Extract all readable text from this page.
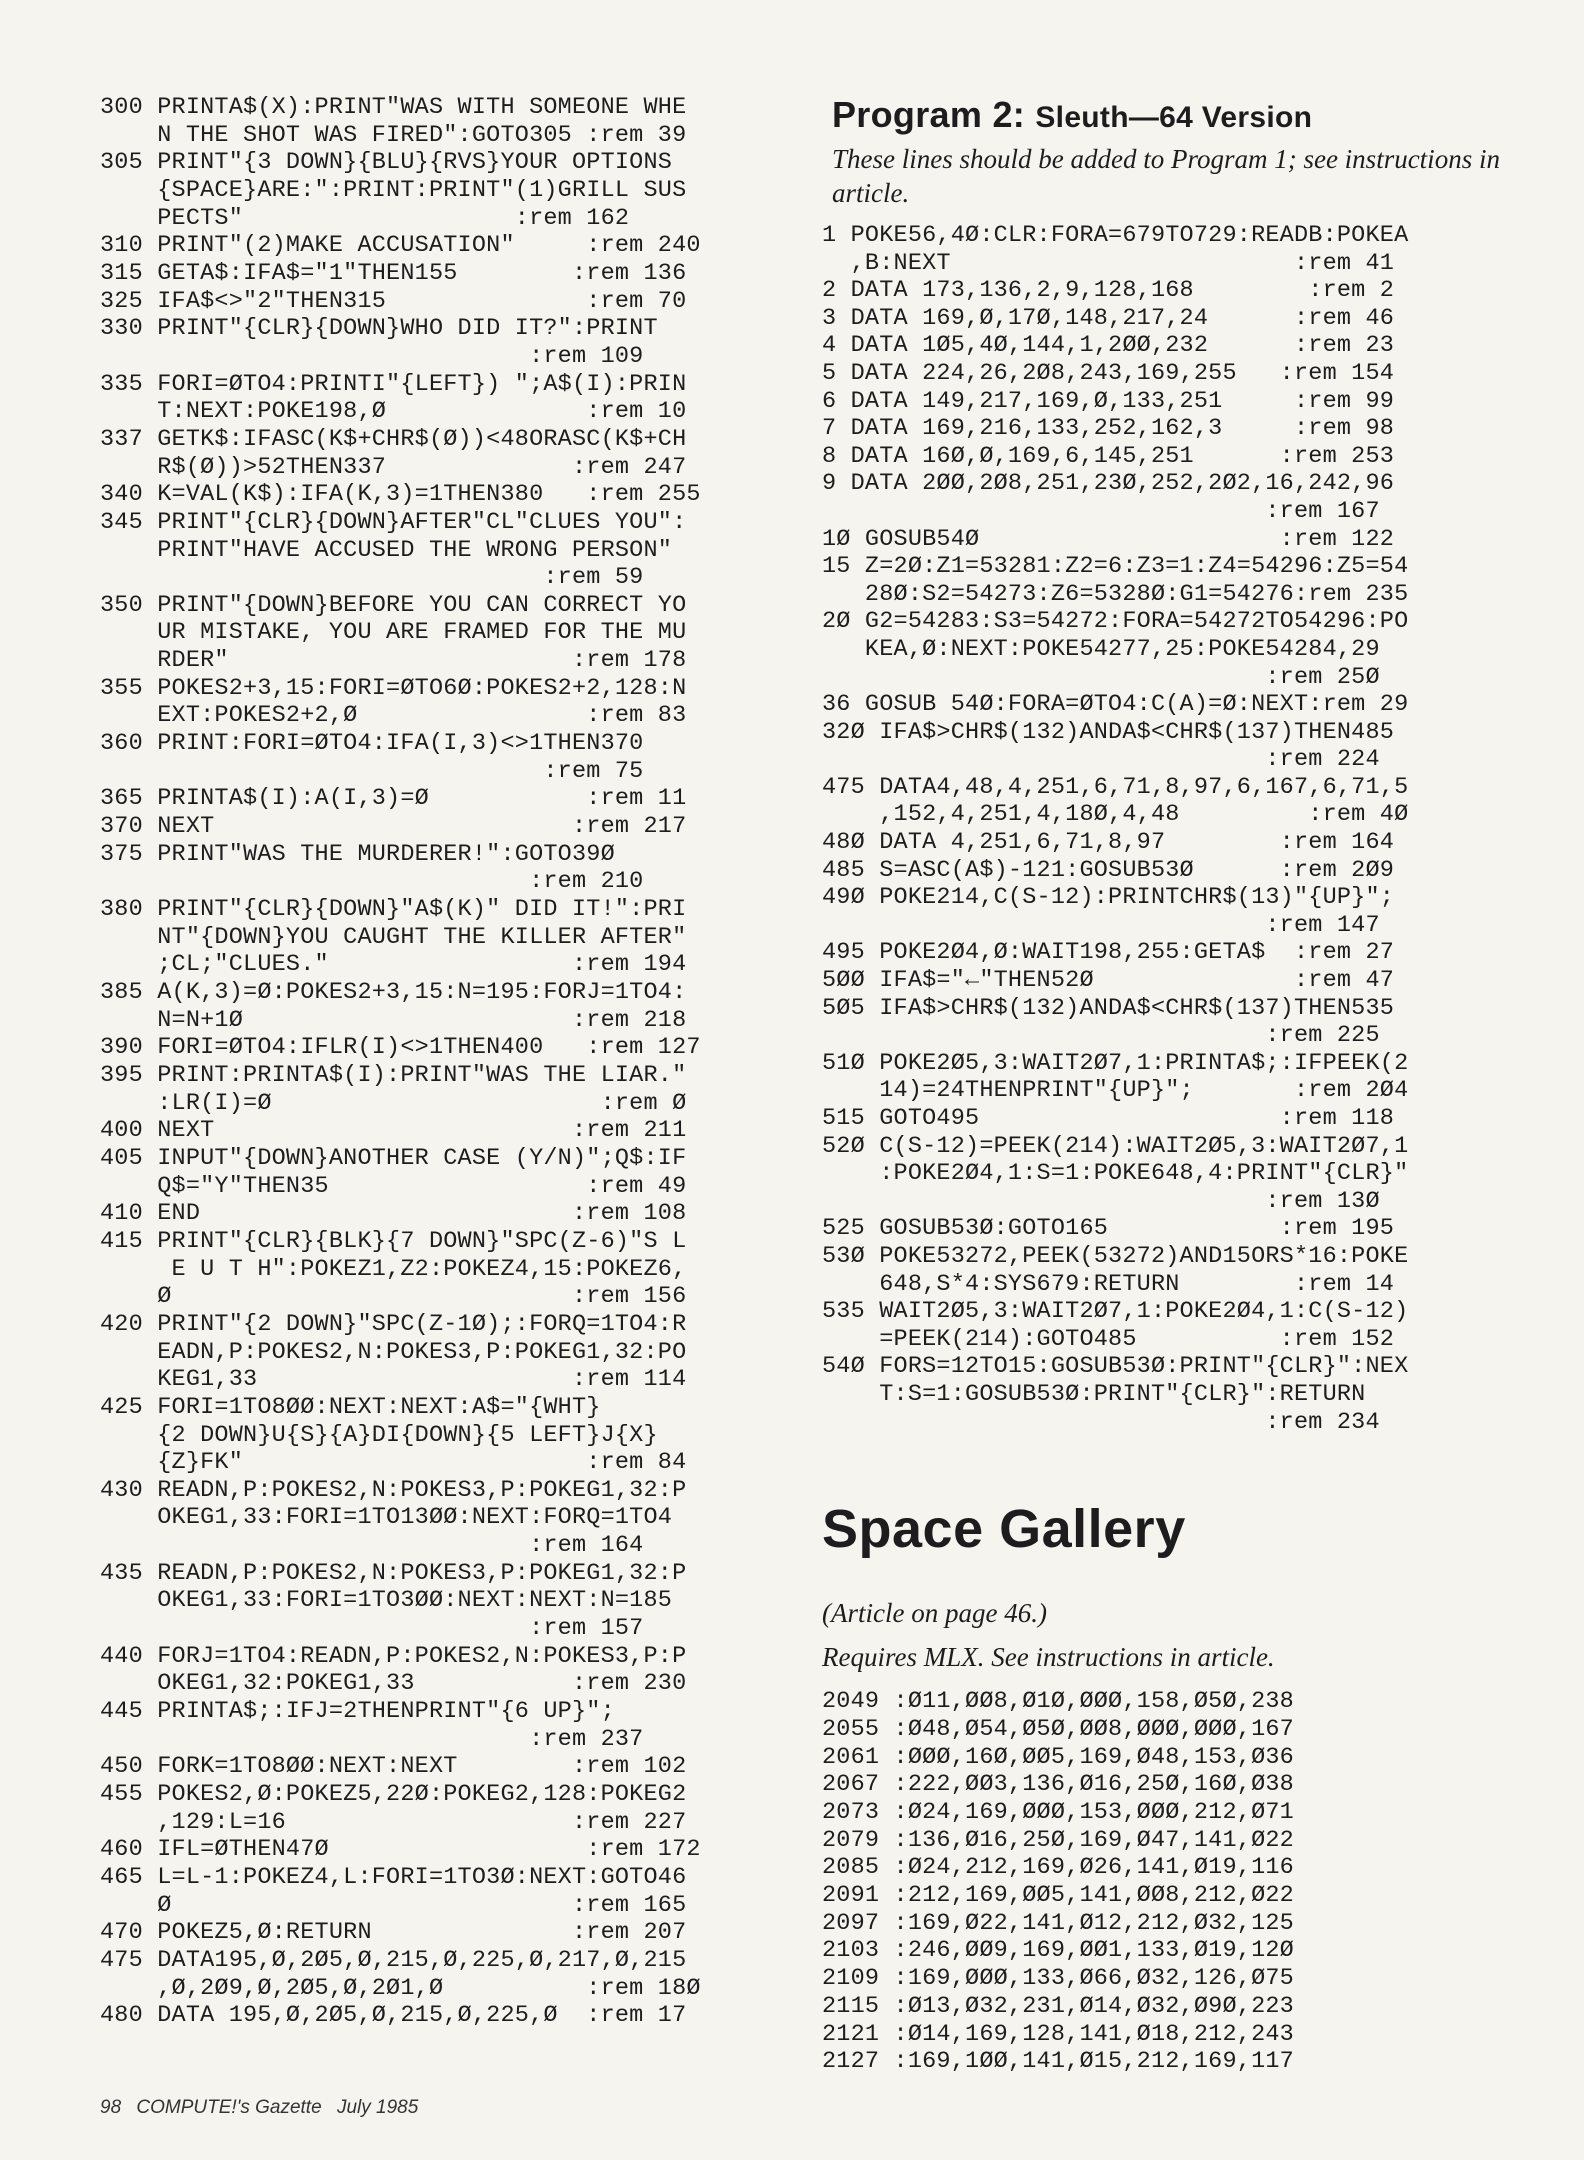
300 PRINTA$(X):PRINT"WAS WITH SOMEONE WHE
N THE SHOT WAS FIRED":GOTO305 :rem 39
305 PRINT"{3 DOWN}{BLU}{RVS}YOUR OPTIONS
{SPACE}ARE:":PRINT:PRINT"(1)GRILL SUS
PECTS"                   :rem 162
310 PRINT"(2)MAKE ACCUSATION"     :rem 240
315 GETA$:IFA$="1"THEN155        :rem 136
325 IFA$<>"2"THEN315              :rem 70
330 PRINT"{CLR}{DOWN}WHO DID IT?":PRINT
:rem 109
335 FORI=ØTO4:PRINTI"{LEFT}) ";A$(I):PRIN
T:NEXT:POKE198,Ø              :rem 10
337 GETK$:IFASC(K$+CHR$(Ø))<48ORASC(K$+CH
R$(Ø))>52THEN337             :rem 247
340 K=VAL(K$):IFA(K,3)=1THEN380   :rem 255
345 PRINT"{CLR}{DOWN}AFTER"CL"CLUES YOU":
PRINT"HAVE ACCUSED THE WRONG PERSON"
:rem 59
350 PRINT"{DOWN}BEFORE YOU CAN CORRECT YO
UR MISTAKE, YOU ARE FRAMED FOR THE MU
RDER"                        :rem 178
355 POKES2+3,15:FORI=ØTO6Ø:POKES2+2,128:N
EXT:POKES2+2,Ø                :rem 83
360 PRINT:FORI=ØTO4:IFA(I,3)<>1THEN370
:rem 75
365 PRINTA$(I):A(I,3)=Ø           :rem 11
370 NEXT                         :rem 217
375 PRINT"WAS THE MURDERER!":GOTO39Ø
:rem 210
380 PRINT"{CLR}{DOWN}"A$(K)" DID IT!":PRI
NT"{DOWN}YOU CAUGHT THE KILLER AFTER"
;CL;"CLUES."                 :rem 194
385 A(K,3)=Ø:POKES2+3,15:N=195:FORJ=1TO4:
N=N+1Ø                       :rem 218
390 FORI=ØTO4:IFLR(I)<>1THEN400   :rem 127
395 PRINT:PRINTA$(I):PRINT"WAS THE LIAR."
:LR(I)=Ø                       :rem Ø
400 NEXT                         :rem 211
405 INPUT"{DOWN}ANOTHER CASE (Y/N)";Q$:IF
Q$="Y"THEN35                  :rem 49
410 END                          :rem 108
415 PRINT"{CLR}{BLK}{7 DOWN}"SPC(Z-6)"S L
E U T H":POKEZ1,Z2:POKEZ4,15:POKEZ6,
Ø                            :rem 156
420 PRINT"{2 DOWN}"SPC(Z-1Ø);:FORQ=1TO4:R
EADN,P:POKES2,N:POKES3,P:POKEG1,32:PO
KEG1,33                      :rem 114
425 FORI=1TO8ØØ:NEXT:NEXT:A$="{WHT}
{2 DOWN}U{S}{A}DI{DOWN}{5 LEFT}J{X}
{Z}FK"                        :rem 84
430 READN,P:POKES2,N:POKES3,P:POKEG1,32:P
OKEG1,33:FORI=1TO13ØØ:NEXT:FORQ=1TO4
:rem 164
435 READN,P:POKES2,N:POKES3,P:POKEG1,32:P
OKEG1,33:FORI=1TO3ØØ:NEXT:NEXT:N=185
:rem 157
440 FORJ=1TO4:READN,P:POKES2,N:POKES3,P:P
OKEG1,32:POKEG1,33           :rem 230
445 PRINTA$;:IFJ=2THENPRINT"{6 UP}";
:rem 237
450 FORK=1TO8ØØ:NEXT:NEXT        :rem 102
455 POKES2,Ø:POKEZ5,22Ø:POKEG2,128:POKEG2
,129:L=16                    :rem 227
460 IFL=ØTHEN47Ø                  :rem 172
465 L=L-1:POKEZ4,L:FORI=1TO3Ø:NEXT:GOTO46
Ø                            :rem 165
470 POKEZ5,Ø:RETURN              :rem 207
475 DATA195,Ø,2Ø5,Ø,215,Ø,225,Ø,217,Ø,215
,Ø,2Ø9,Ø,2Ø5,Ø,2Ø1,Ø          :rem 18Ø
480 DATA 195,Ø,2Ø5,Ø,215,Ø,225,Ø  :rem 17
Program 2: Sleuth—64 Version
These lines should be added to Program 1; see instructions in article.
1 POKE56,4Ø:CLR:FORA=679TO729:READB:POKEA
,B:NEXT                        :rem 41
2 DATA 173,136,2,9,128,168        :rem 2
3 DATA 169,Ø,17Ø,148,217,24      :rem 46
4 DATA 1Ø5,4Ø,144,1,2ØØ,232      :rem 23
5 DATA 224,26,2Ø8,243,169,255   :rem 154
6 DATA 149,217,169,Ø,133,251     :rem 99
7 DATA 169,216,133,252,162,3     :rem 98
8 DATA 16Ø,Ø,169,6,145,251      :rem 253
9 DATA 2ØØ,2Ø8,251,23Ø,252,2Ø2,16,242,96
:rem 167
1Ø GOSUB54Ø                     :rem 122
15 Z=2Ø:Z1=53281:Z2=6:Z3=1:Z4=54296:Z5=54
28Ø:S2=54273:Z6=5328Ø:G1=54276:rem 235
2Ø G2=54283:S3=54272:FORA=54272TO54296:PO
KEA,Ø:NEXT:POKE54277,25:POKE54284,29
:rem 25Ø
36 GOSUB 54Ø:FORA=ØTO4:C(A)=Ø:NEXT:rem 29
32Ø IFA$>CHR$(132)ANDA$<CHR$(137)THEN485
:rem 224
475 DATA4,48,4,251,6,71,8,97,6,167,6,71,5
,152,4,251,4,18Ø,4,48         :rem 4Ø
48Ø DATA 4,251,6,71,8,97        :rem 164
485 S=ASC(A$)-121:GOSUB53Ø      :rem 2Ø9
49Ø POKE214,C(S-12):PRINTCHR$(13)"{UP}";
:rem 147
495 POKE2Ø4,Ø:WAIT198,255:GETA$  :rem 27
5ØØ IFA$="←"THEN52Ø              :rem 47
5Ø5 IFA$>CHR$(132)ANDA$<CHR$(137)THEN535
:rem 225
51Ø POKE2Ø5,3:WAIT2Ø7,1:PRINTA$;:IFPEEK(2
14)=24THENPRINT"{UP}";       :rem 2Ø4
515 GOTO495                     :rem 118
52Ø C(S-12)=PEEK(214):WAIT2Ø5,3:WAIT2Ø7,1
:POKE2Ø4,1:S=1:POKE648,4:PRINT"{CLR}"
:rem 13Ø
525 GOSUB53Ø:GOTO165            :rem 195
53Ø POKE53272,PEEK(53272)AND15ORS*16:POKE
648,S*4:SYS679:RETURN        :rem 14
535 WAIT2Ø5,3:WAIT2Ø7,1:POKE2Ø4,1:C(S-12)
=PEEK(214):GOTO485          :rem 152
54Ø FORS=12TO15:GOSUB53Ø:PRINT"{CLR}":NEX
T:S=1:GOSUB53Ø:PRINT"{CLR}":RETURN
:rem 234
Space Gallery
(Article on page 46.)
Requires MLX. See instructions in article.
2049 :Ø11,ØØ8,Ø1Ø,ØØØ,158,Ø5Ø,238
2055 :Ø48,Ø54,Ø5Ø,ØØ8,ØØØ,ØØØ,167
2061 :ØØØ,16Ø,ØØ5,169,Ø48,153,Ø36
2067 :222,ØØ3,136,Ø16,25Ø,16Ø,Ø38
2073 :Ø24,169,ØØØ,153,ØØØ,212,Ø71
2079 :136,Ø16,25Ø,169,Ø47,141,Ø22
2085 :Ø24,212,169,Ø26,141,Ø19,116
2091 :212,169,ØØ5,141,ØØ8,212,Ø22
2097 :169,Ø22,141,Ø12,212,Ø32,125
2103 :246,ØØ9,169,ØØ1,133,Ø19,12Ø
2109 :169,ØØØ,133,Ø66,Ø32,126,Ø75
2115 :Ø13,Ø32,231,Ø14,Ø32,Ø9Ø,223
2121 :Ø14,169,128,141,Ø18,212,243
2127 :169,1ØØ,141,Ø15,212,169,117
98 COMPUTE!'s Gazette July 1985
